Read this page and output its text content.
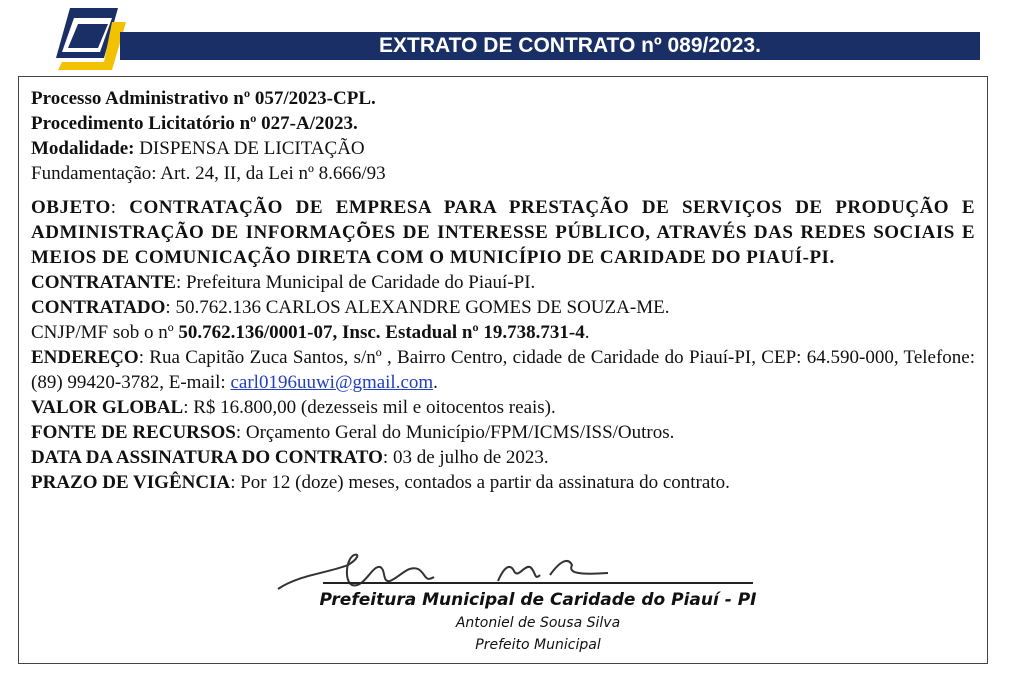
EXTRATO DE CONTRATO nº 089/2023.

Processo Administrativo nº 057/2023-CPL.

Procedimento Licitatório nº 027-A/2023.

Modalidade: DISPENSA DE LICITAÇÃO

Fundamentação: Art. 24, II, da Lei nº 8.666/93

OBJETO: CONTRATAÇÃO DE EMPRESA PARA PRESTAÇÃO DE SERVIÇOS DE PRODUÇÃO E ADMINISTRAÇÃO DE INFORMAÇÕES DE INTERESSE PÚBLICO, ATRAVÉS DAS REDES SOCIAIS E MEIOS DE COMUNICAÇÃO DIRETA COM O MUNICÍPIO DE CARIDADE DO PIAUÍ-PI.

CONTRATANTE: Prefeitura Municipal de Caridade do Piauí-PI.

CONTRATADO: 50.762.136 CARLOS ALEXANDRE GOMES DE SOUZA-ME.

CNJP/MF sob o nº 50.762.136/0001-07, Insc. Estadual nº 19.738.731-4.

ENDEREÇO: Rua Capitão Zuca Santos, s/nº , Bairro Centro, cidade de Caridade do Piauí-PI, CEP: 64.590-000, Telefone: (89) 99420-3782, E-mail: carl0196uuwi@gmail.com.

VALOR GLOBAL: R$ 16.800,00 (dezesseis mil e oitocentos reais).

FONTE DE RECURSOS: Orçamento Geral do Município/FPM/ICMS/ISS/Outros.

DATA DA ASSINATURA DO CONTRATO: 03 de julho de 2023.

PRAZO DE VIGÊNCIA: Por 12 (doze) meses, contados a partir da assinatura do contrato.

Prefeitura Municipal de Caridade do Piauí - PI
Antoniel de Sousa Silva
Prefeito Municipal
